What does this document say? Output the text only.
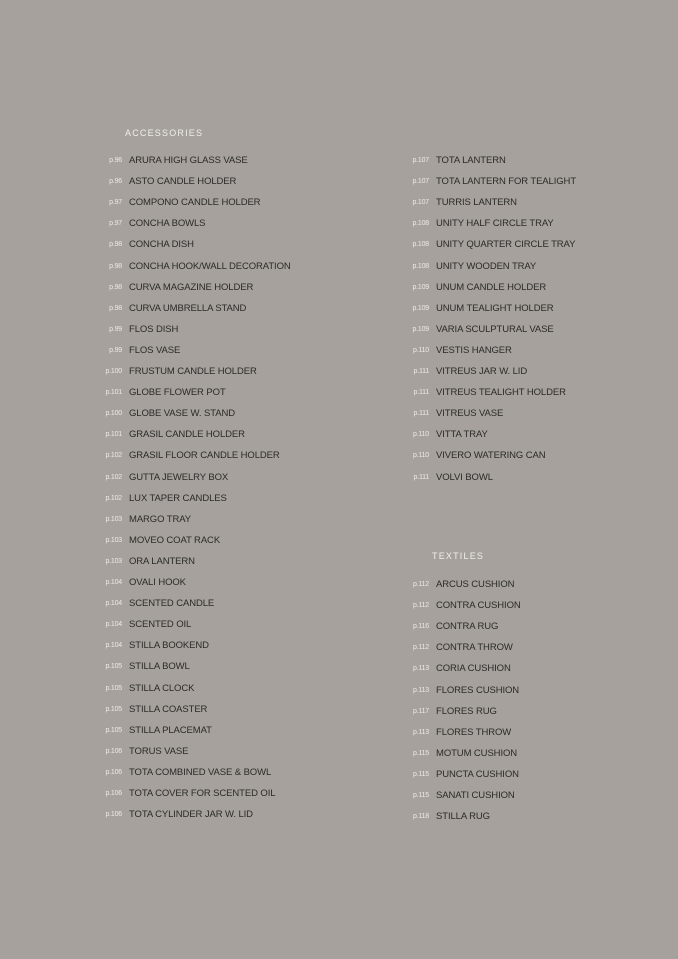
ACCESSORIES
p.96 ARURA HIGH GLASS VASE
p.96 ASTO CANDLE HOLDER
p.97 COMPONO CANDLE HOLDER
p.97 CONCHA BOWLS
p.98 CONCHA DISH
p.98 CONCHA HOOK/WALL DECORATION
p.98 CURVA MAGAZINE HOLDER
p.98 CURVA UMBRELLA STAND
p.99 FLOS DISH
p.99 FLOS VASE
p.100 FRUSTUM CANDLE HOLDER
p.101 GLOBE FLOWER POT
p.100 GLOBE VASE W. STAND
p.101 GRASIL CANDLE HOLDER
p.102 GRASIL FLOOR CANDLE HOLDER
p.102 GUTTA JEWELRY BOX
p.102 LUX TAPER CANDLES
p.103 MARGO TRAY
p.103 MOVEO COAT RACK
p.103 ORA LANTERN
p.104 OVALI HOOK
p.104 SCENTED CANDLE
p.104 SCENTED OIL
p.104 STILLA BOOKEND
p.105 STILLA BOWL
p.105 STILLA CLOCK
p.105 STILLA COASTER
p.105 STILLA PLACEMAT
p.106 TORUS VASE
p.106 TOTA COMBINED VASE & BOWL
p.106 TOTA COVER FOR SCENTED OIL
p.106 TOTA CYLINDER JAR W. LID
p.107 TOTA LANTERN
p.107 TOTA LANTERN FOR TEALIGHT
p.107 TURRIS LANTERN
p.108 UNITY HALF CIRCLE TRAY
p.108 UNITY QUARTER CIRCLE TRAY
p.108 UNITY WOODEN TRAY
p.109 UNUM CANDLE HOLDER
p.109 UNUM TEALIGHT HOLDER
p.109 VARIA SCULPTURAL VASE
p.110 VESTIS HANGER
p.111 VITREUS JAR W. LID
p.111 VITREUS TEALIGHT HOLDER
p.111 VITREUS VASE
p.110 VITTA TRAY
p.110 VIVERO WATERING CAN
p.111 VOLVI BOWL
TEXTILES
p.112 ARCUS CUSHION
p.112 CONTRA CUSHION
p.116 CONTRA RUG
p.112 CONTRA THROW
p.113 CORIA CUSHION
p.113 FLORES CUSHION
p.117 FLORES RUG
p.113 FLORES THROW
p.115 MOTUM CUSHION
p.115 PUNCTA CUSHION
p.115 SANATI CUSHION
p.118 STILLA RUG
